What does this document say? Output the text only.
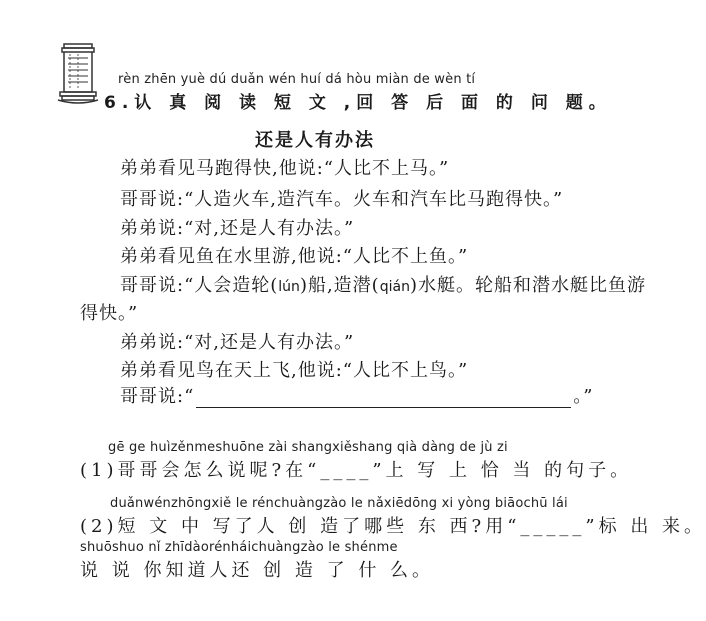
rèn zhēn yuè dú duǎn wén huí dá hòu miàn de wèn tí
6.认 真 阅 读 短 文 ,回 答 后 面 的 问 题。
还是人有办法
弟弟看见马跑得快,他说:“人比不上马。”
哥哥说:“人造火车,造汽车。火车和汽车比马跑得快。”
弟弟说:“对,还是人有办法。”
弟弟看见鱼在水里游,他说:“人比不上鱼。”
哥哥说:“人会造轮(lún)船,造潜(qián)水艇。轮船和潜水艇比鱼游
得快。”
弟弟说:“对,还是人有办法。”
弟弟看见鸟在天上飞,他说:“人比不上鸟。”
哥哥说:“	。”
gē ge huìzěnmeshuōne zài shangxiěshang qià dàng de jù zi
(1)哥哥会怎么说呢?在“____”上 写 上 恰 当 的句子。
duǎnwénzhōngxiě le rénchuàngzào le nǎxiēdōng xi yòng biāochū lái
(2)短 文 中 写了人 创 造了哪些 东 西?用“_____”标 出 来。
shuōshuo nǐ zhīdàorénháichuàngzào le shénme
说 说 你知道人还 创 造 了 什 么。
